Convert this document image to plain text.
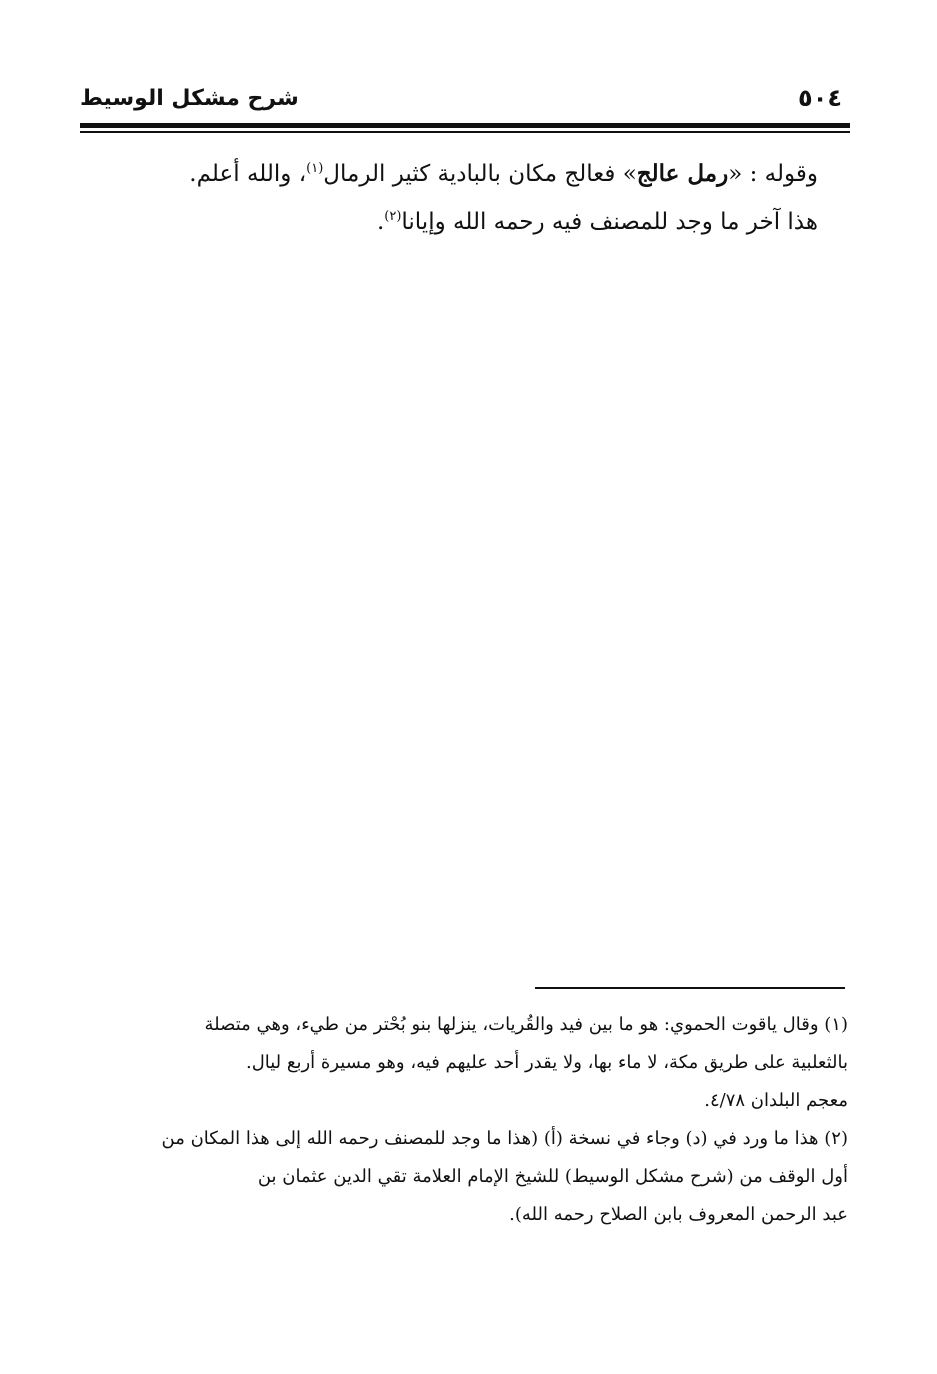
شرح مشكل الوسيط	٥٠٤
وقوله : «رمل عالج» فعالج مكان بالبادية كثير الرمال$^{(١)}$، والله أعلم.
هذا آخر ما وجد للمصنف فيه رحمه الله وإيانا$^{(٢)}$.
(١) وقال ياقوت الحموي: هو ما بين فيد والقُريات، ينزلها بنو بُحْتر من طيء، وهي متصلة
بالثعلبية على طريق مكة، لا ماء بها، ولا يقدر أحد عليهم فيه، وهو مسيرة أربع ليال.
معجم البلدان ٤/٧٨.
(٢) هذا ما ورد في (د) وجاء في نسخة (أ) (هذا ما وجد للمصنف رحمه الله إلى هذا المكان من
أول الوقف من (شرح مشكل الوسيط) للشيخ الإمام العلامة تقي الدين عثمان بن
عبد الرحمن المعروف بابن الصلاح رحمه الله).
